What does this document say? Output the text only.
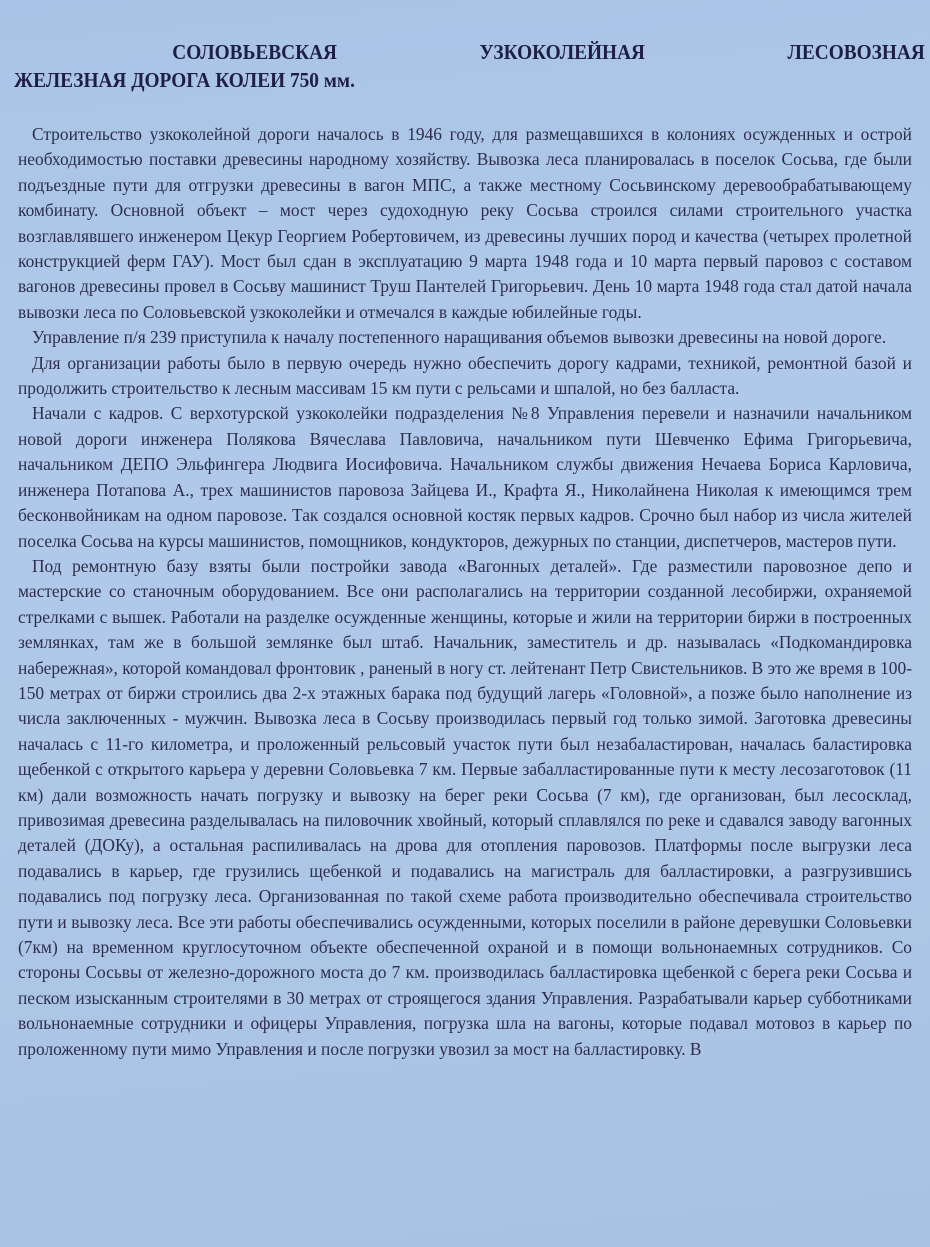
СОЛОВЬЕВСКАЯ	УЗКОКОЛЕЙНАЯ	ЛЕСОВОЗНАЯ
ЖЕЛЕЗНАЯ ДОРОГА КОЛЕИ 750 мм.

Строительство узкоколейной дороги началось в 1946 году, для размещавшихся в колониях осужденных и острой необходимостью поставки древесины народному хозяйству. Вывозка леса планировалась в поселок Сосьва, где были подъездные пути для отгрузки древесины в вагон МПС, а также местному Сосьвинскому деревообрабатывающему комбинату. Основной объект – мост через судоходную реку Сосьва строился силами строительного участка возглавлявшего инженером Цекур Георгием Робертовичем, из древесины лучших пород и качества (четырех пролетной конструкцией ферм ГАУ). Мост был сдан в эксплуатацию 9 марта 1948 года и 10 марта первый паровоз с составом вагонов древесины провел в Сосьву машинист Труш Пантелей Григорьевич. День 10 марта 1948 года стал датой начала вывозки леса по Соловьевской узкоколейки и отмечался в каждые юбилейные годы.

Управление п/я 239 приступила к началу постепенного наращивания объемов вывозки древесины на новой дороге.

Для организации работы было в первую очередь нужно обеспечить дорогу кадрами, техникой, ремонтной базой и продолжить строительство к лесным массивам 15 км пути с рельсами и шпалой, но без балласта.

Начали с кадров. С верхотурской узкоколейки подразделения №8 Управления перевели и назначили начальником новой дороги инженера Полякова Вячеслава Павловича, начальником пути Шевченко Ефима Григорьевича, начальником ДЕПО Эльфингера Людвига Иосифовича. Начальником службы движения Нечаева Бориса Карловича, инженера Потапова А., трех машинистов паровоза Зайцева И., Крафта Я., Николайнена Николая к имеющимся трем бесконвойникам на одном паровозе. Так создался основной костяк первых кадров. Срочно был набор из числа жителей поселка Сосьва на курсы машинистов, помощников, кондукторов, дежурных по станции, диспетчеров, мастеров пути.

Под ремонтную базу взяты были постройки завода «Вагонных деталей». Где разместили паровозное депо и мастерские со станочным оборудованием. Все они располагались на территории созданной лесобиржи, охраняемой стрелками с вышек. Работали на разделке осужденные женщины, которые и жили на территории биржи в построенных землянках, там же в большой землянке был штаб. Начальник, заместитель и др. называлась «Подкомандировка набережная», которой командовал фронтовик , раненый в ногу ст. лейтенант Петр Свистельников. В это же время в 100-150 метрах от биржи строились два 2-х этажных барака под будущий лагерь «Головной», а позже было наполнение из числа заключенных - мужчин. Вывозка леса в Сосьву производилась первый год только зимой. Заготовка древесины началась с 11-го километра, и проложенный рельсовый участок пути был незабаластирован, началась баластировка щебенкой с открытого карьера у деревни Соловьевка 7 км. Первые забалластированные пути к месту лесозаготовок (11 км) дали возможность начать погрузку и вывозку на берег реки Сосьва (7 км), где организован, был лесосклад, привозимая древесина разделывалась на пиловочник хвойный, который сплавлялся по реке и сдавался заводу вагонных деталей (ДОКу), а остальная распиливалась на дрова для отопления паровозов. Платформы после выгрузки леса подавались в карьер, где грузились щебенкой и подавались на магистраль для балластировки, а разгрузившись подавались под погрузку леса. Организованная по такой схеме работа производительно обеспечивала строительство пути и вывозку леса. Все эти работы обеспечивались осужденными, которых поселили в районе деревушки Соловьевки (7км) на временном круглосуточном объекте обеспеченной охраной и в помощи вольнонаемных сотрудников. Со стороны Сосьвы от железно-дорожного моста до 7 км. производилась балластировка щебенкой с берега реки Сосьва и песком изысканным строителями в 30 метрах от строящегося здания Управления. Разрабатывали карьер субботниками вольнонаемные сотрудники и офицеры Управления, погрузка шла на вагоны, которые подавал мотовоз в карьер по проложенному пути мимо Управления и после погрузки увозил за мост на балластировку. В
